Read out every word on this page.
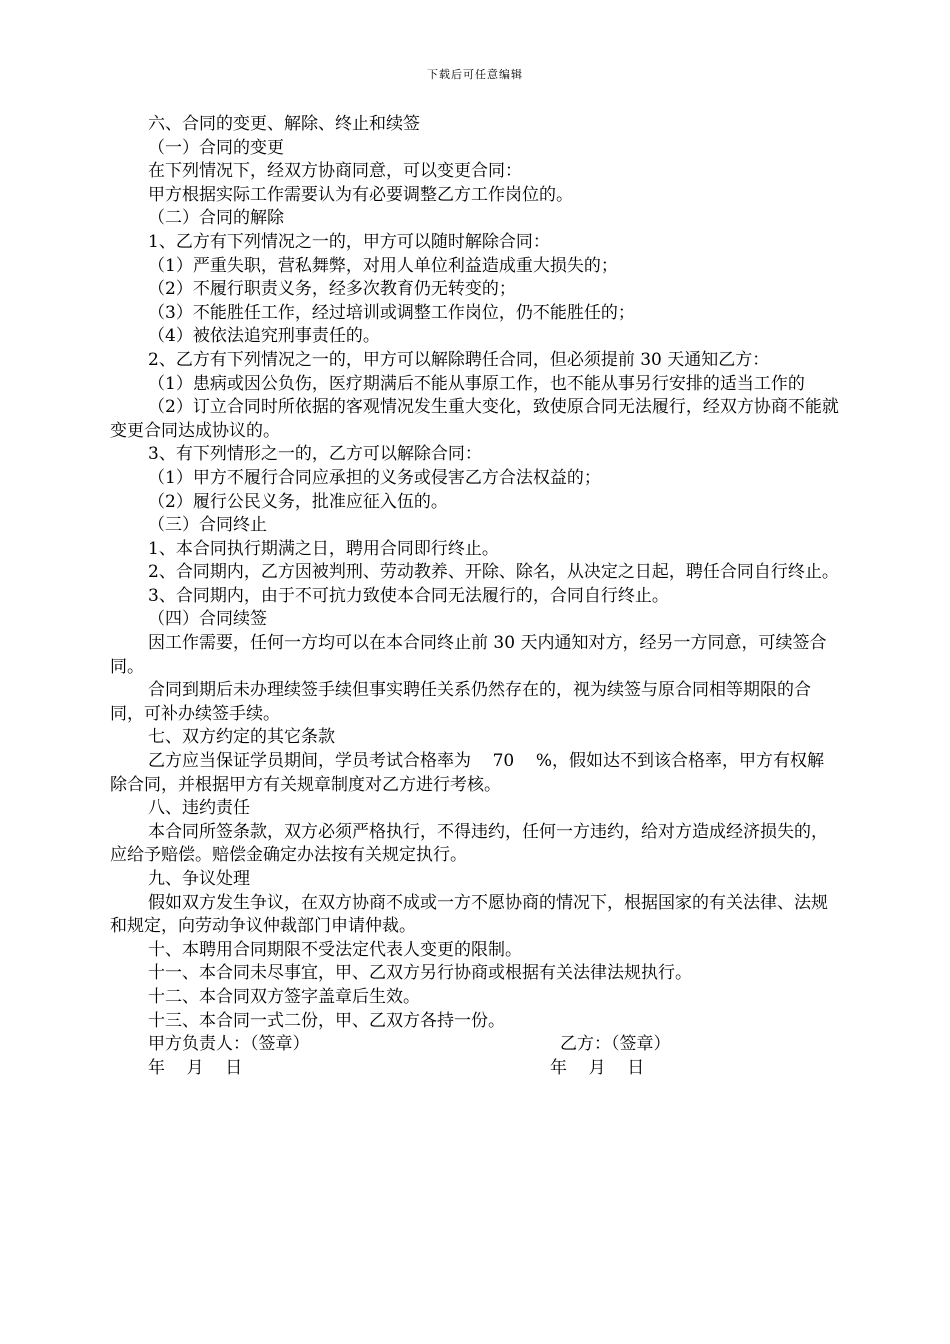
下载后可任意编辑
六、合同的变更、解除、终止和续签
（一）合同的变更
在下列情况下，经双方协商同意，可以变更合同：
甲方根据实际工作需要认为有必要调整乙方工作岗位的。
（二）合同的解除
1、乙方有下列情况之一的，甲方可以随时解除合同：
（1）严重失职，营私舞弊，对用人单位利益造成重大损失的；
（2）不履行职责义务，经多次教育仍无转变的；
（3）不能胜任工作，经过培训或调整工作岗位，仍不能胜任的；
（4）被依法追究刑事责任的。
2、乙方有下列情况之一的，甲方可以解除聘任合同，但必须提前 30 天通知乙方：
（1）患病或因公负伤，医疗期满后不能从事原工作，也不能从事另行安排的适当工作的
（2）订立合同时所依据的客观情况发生重大变化，致使原合同无法履行，经双方协商不能就变更合同达成协议的。
3、有下列情形之一的，乙方可以解除合同：
（1）甲方不履行合同应承担的义务或侵害乙方合法权益的；
（2）履行公民义务，批准应征入伍的。
（三）合同终止
1、本合同执行期满之日，聘用合同即行终止。
2、合同期内，乙方因被判刑、劳动教养、开除、除名，从决定之日起，聘任合同自行终止。
3、合同期内，由于不可抗力致使本合同无法履行的，合同自行终止。
（四）合同续签
因工作需要，任何一方均可以在本合同终止前 30 天内通知对方，经另一方同意，可续签合同。
合同到期后未办理续签手续但事实聘任关系仍然存在的，视为续签与原合同相等期限的合同，可补办续签手续。
七、双方约定的其它条款
乙方应当保证学员期间，学员考试合格率为    70    %，假如达不到该合格率，甲方有权解除合同，并根据甲方有关规章制度对乙方进行考核。
八、违约责任
本合同所签条款，双方必须严格执行，不得违约，任何一方违约，给对方造成经济损失的，应给予赔偿。赔偿金确定办法按有关规定执行。
九、争议处理
假如双方发生争议，在双方协商不成或一方不愿协商的情况下，根据国家的有关法律、法规和规定，向劳动争议仲裁部门申请仲裁。
十、本聘用合同期限不受法定代表人变更的限制。
十一、本合同未尽事宜，甲、乙双方另行协商或根据有关法律法规执行。
十二、本合同双方签字盖章后生效。
十三、本合同一式二份，甲、乙双方各持一份。
甲方负责人：（签章）	乙方：（签章）
年    月    日	年    月    日
